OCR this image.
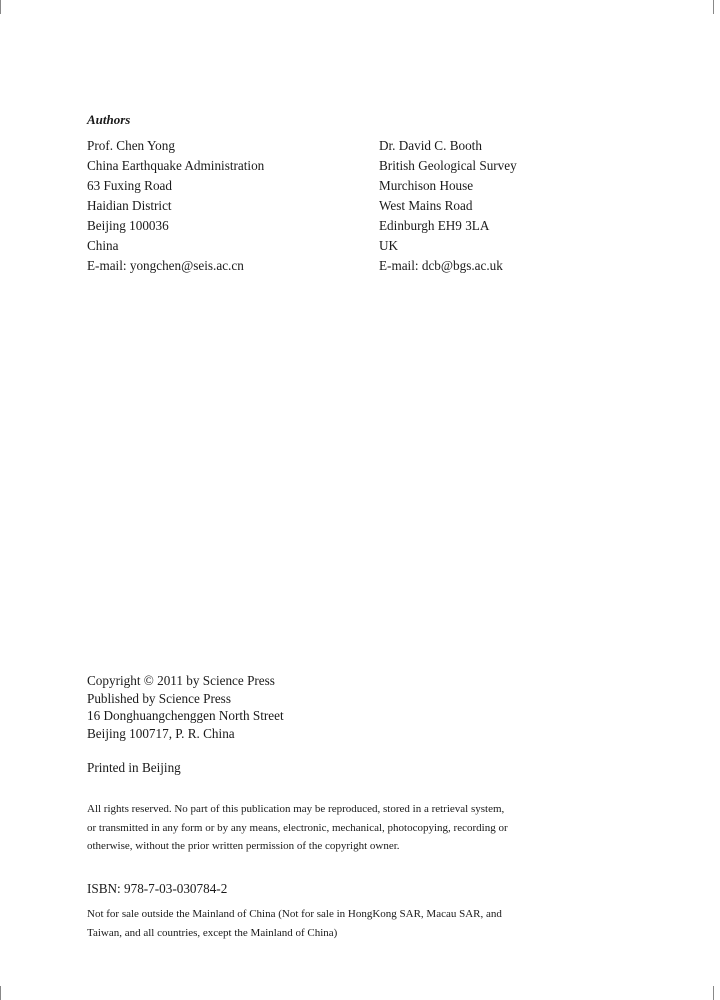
Authors
Prof. Chen Yong
China Earthquake Administration
63 Fuxing Road
Haidian District
Beijing 100036
China
E-mail: yongchen@seis.ac.cn
Dr. David C. Booth
British Geological Survey
Murchison House
West Mains Road
Edinburgh EH9 3LA
UK
E-mail: dcb@bgs.ac.uk
Copyright © 2011 by Science Press
Published by Science Press
16 Donghuangchenggen North Street
Beijing 100717, P. R. China
Printed in Beijing
All rights reserved. No part of this publication may be reproduced, stored in a retrieval system,
or transmitted in any form or by any means, electronic, mechanical, photocopying, recording or
otherwise, without the prior written permission of the copyright owner.
ISBN: 978-7-03-030784-2
Not for sale outside the Mainland of China (Not for sale in HongKong SAR, Macau SAR, and
Taiwan, and all countries, except the Mainland of China)
